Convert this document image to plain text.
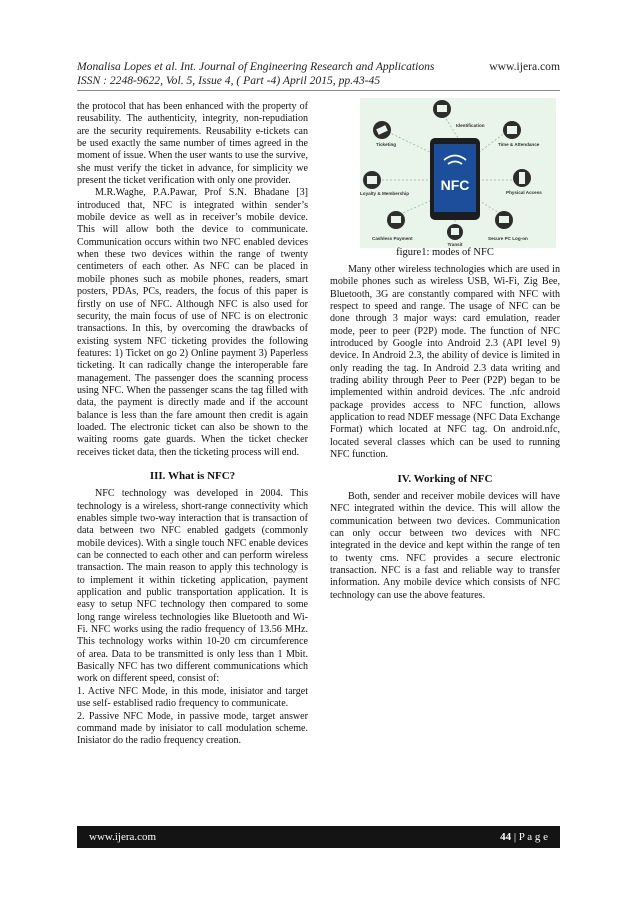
Monalisa Lopes et al. Int. Journal of Engineering Research and Applications	www.ijera.com
ISSN : 2248-9622, Vol. 5, Issue 4, ( Part -4) April 2015, pp.43-45

the protocol that has been enhanced with the property of reusability. The authenticity, integrity, non-repudiation are the security requirements. Reusability e-tickets can be used exactly the same number of times agreed in the moment of issue. When the user wants to use the survive, she must verify the ticket in advance, for simplicity we present the ticket verification with only one provider.

M.R.Waghe, P.A.Pawar, Prof S.N. Bhadane [3] introduced that, NFC is integrated within sender’s mobile device as well as in receiver’s mobile device. This will allow both the device to communicate. Communication occurs within two NFC enabled devices when these two devices within the range of twenty centimeters of each other. As NFC can be placed in mobile phones such as mobile phones, readers, smart posters, PDAs, PCs, readers, the focus of this paper is firstly on use of NFC. Although NFC is also used for security, the main focus of use of NFC is on electronic transactions. In this, by overcoming the drawbacks of existing system NFC ticketing provides the following features: 1) Ticket on go 2) Online payment 3) Paperless ticketing. It can radically change the interoperable fare management. The passenger does the scanning process using NFC. When the passenger scans the tag filled with data, the payment is directly made and if the account balance is less than the fare amount then credit is again loaded. The electronic ticket can also be shown to the waiting rooms gate guards. When the ticket checker receives ticket data, then the ticketing process will end.

III. What is NFC?

NFC technology was developed in 2004. This technology is a wireless, short-range connectivity which enables simple two-way interaction that is transaction of data between two NFC enabled gadgets (commonly mobile devices). With a single touch NFC enable devices can be connected to each other and can perform wireless transaction. The main reason to apply this technology is to implement it within ticketing application, payment application and public transportation application. It is easy to setup NFC technology then compared to some long range wireless technologies like Bluetooth and Wi-Fi. NFC works using the radio frequency of 13.56 MHz. This technology works within 10-20 cm circumference of area. Data to be transmitted is only less than 1 Mbit. Basically NFC has two different communications which work on different speed, consist of:

1. Active NFC Mode, in this mode, inisiator and target use self- establised radio frequency to communicate.

2. Passive NFC Mode, in passive mode, target answer command made by inisiator to call modulation scheme. Inisiator do the radio frequency creation.

NFC
Identification
Ticketing	Time & Attendance
Loyalty & Membership	Physical Access
Cashless Payment	Secure PC Log-on
Transit
figure1: modes of NFC

Many other wireless technologies which are used in mobile phones such as wireless USB, Wi-Fi, Zig Bee, Bluetooth, 3G are constantly compared with NFC with respect to speed and range. The usage of NFC can be done through 3 major ways: card emulation, reader mode, peer to peer (P2P) mode. The function of NFC introduced by Google into Android 2.3 (API level 9) device. In Android 2.3, the ability of device is limited in only reading the tag. In Android 2.3 data writing and trading ability through Peer to Peer (P2P) began to be implemented within android devices. The .nfc android package provides access to NFC function, allows application to read NDEF message (NFC Data Exchange Format) which located at NFC tag. On android.nfc, located several classes which can be used to running NFC function.

IV. Working of NFC

Both, sender and receiver mobile devices will have NFC integrated within the device. This will allow the communication between two devices. Communication can only occur between two devices with NFC integrated in the device and kept within the range of ten to twenty cms. NFC provides a secure electronic transaction. NFC is a fast and reliable way to transfer information. Any mobile device which consists of NFC technology can use the above features.

www.ijera.com	44 | P a g e
